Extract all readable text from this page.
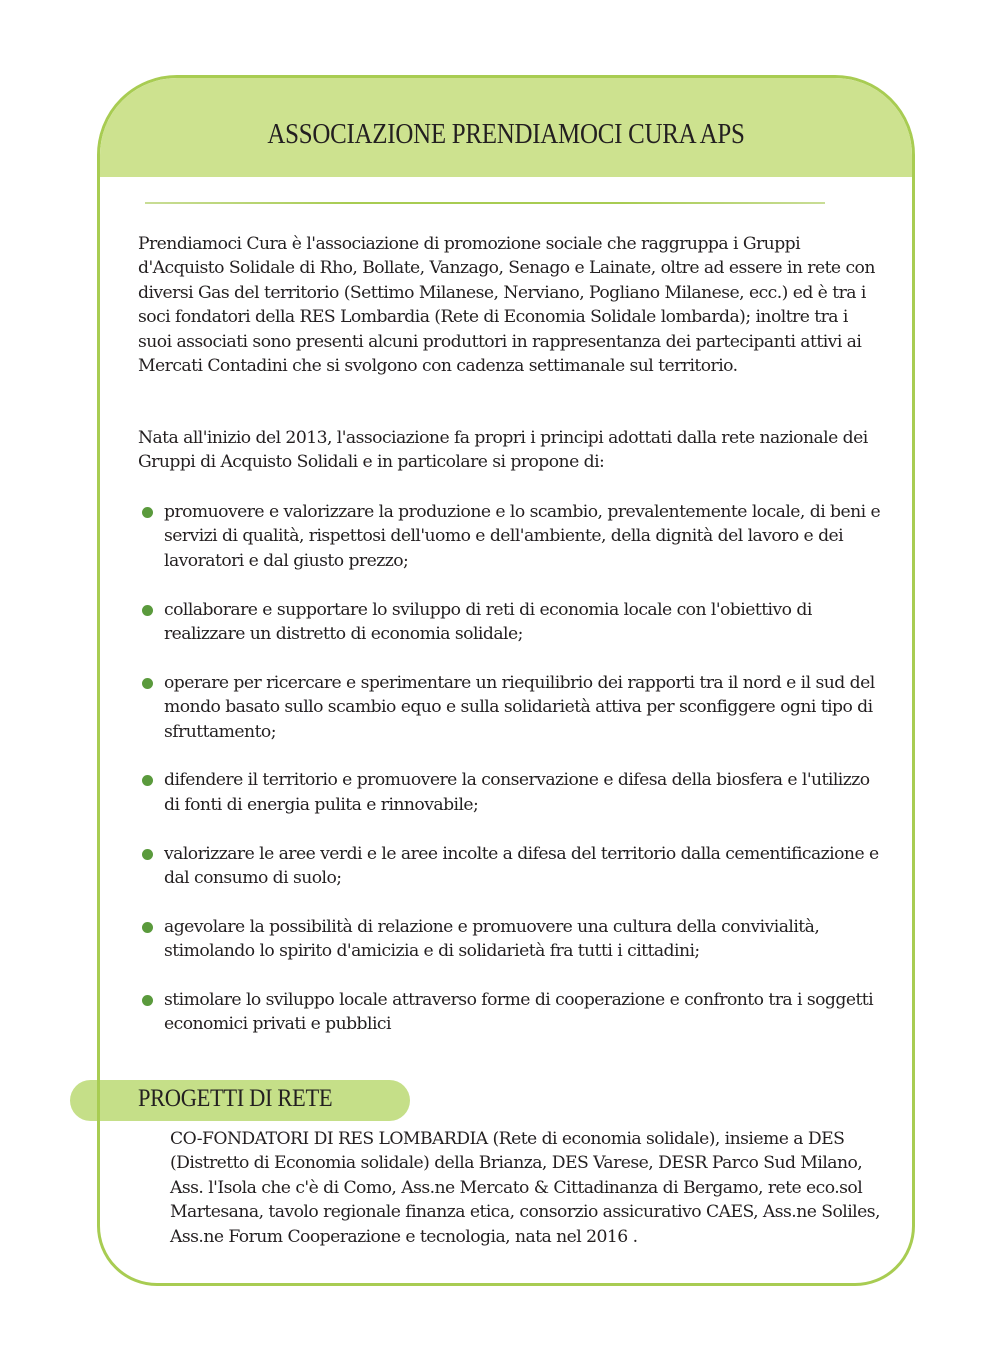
ASSOCIAZIONE PRENDIAMOCI CURA APS

Prendiamoci Cura è l'associazione di promozione sociale che raggruppa i Gruppi d'Acquisto Solidale di Rho, Bollate, Vanzago, Senago e Lainate, oltre ad essere in rete con diversi Gas del territorio (Settimo Milanese, Nerviano, Pogliano Milanese, ecc.) ed è tra i soci fondatori della RES Lombardia (Rete di Economia Solidale lombarda); inoltre tra i suoi associati sono presenti alcuni produttori in rappresentanza dei partecipanti attivi ai Mercati Contadini che si svolgono con cadenza settimanale sul territorio.

Nata all'inizio del 2013, l'associazione fa propri i principi adottati dalla rete nazionale dei Gruppi di Acquisto Solidali e in particolare si propone di:

promuovere e valorizzare la produzione e lo scambio, prevalentemente locale, di beni e servizi di qualità, rispettosi dell'uomo e dell'ambiente, della dignità del lavoro e dei lavoratori e dal giusto prezzo;
collaborare e supportare lo sviluppo di reti di economia locale con l'obiettivo di realizzare un distretto di economia solidale;
operare per ricercare e sperimentare un riequilibrio dei rapporti tra il nord e il sud del mondo basato sullo scambio equo e sulla solidarietà attiva per sconfiggere ogni tipo di sfruttamento;
difendere il territorio e promuovere la conservazione e difesa della biosfera e l'utilizzo di fonti di energia pulita e rinnovabile;
valorizzare le aree verdi e le aree incolte a difesa del territorio dalla cementificazione e dal consumo di suolo;
agevolare la possibilità di relazione e promuovere una cultura della convivialità, stimolando lo spirito d'amicizia e di solidarietà fra tutti i cittadini;
stimolare lo sviluppo locale attraverso forme di cooperazione e confronto tra i soggetti economici privati e pubblici
PROGETTI DI RETE

CO-FONDATORI DI RES LOMBARDIA (Rete di economia solidale), insieme a DES (Distretto di Economia solidale) della Brianza, DES Varese, DESR Parco Sud Milano, Ass. l'Isola che c'è di Como, Ass.ne Mercato & Cittadinanza di Bergamo, rete eco.sol Martesana, tavolo regionale finanza etica, consorzio assicurativo CAES, Ass.ne Soliles, Ass.ne Forum Cooperazione e tecnologia, nata nel 2016 .
